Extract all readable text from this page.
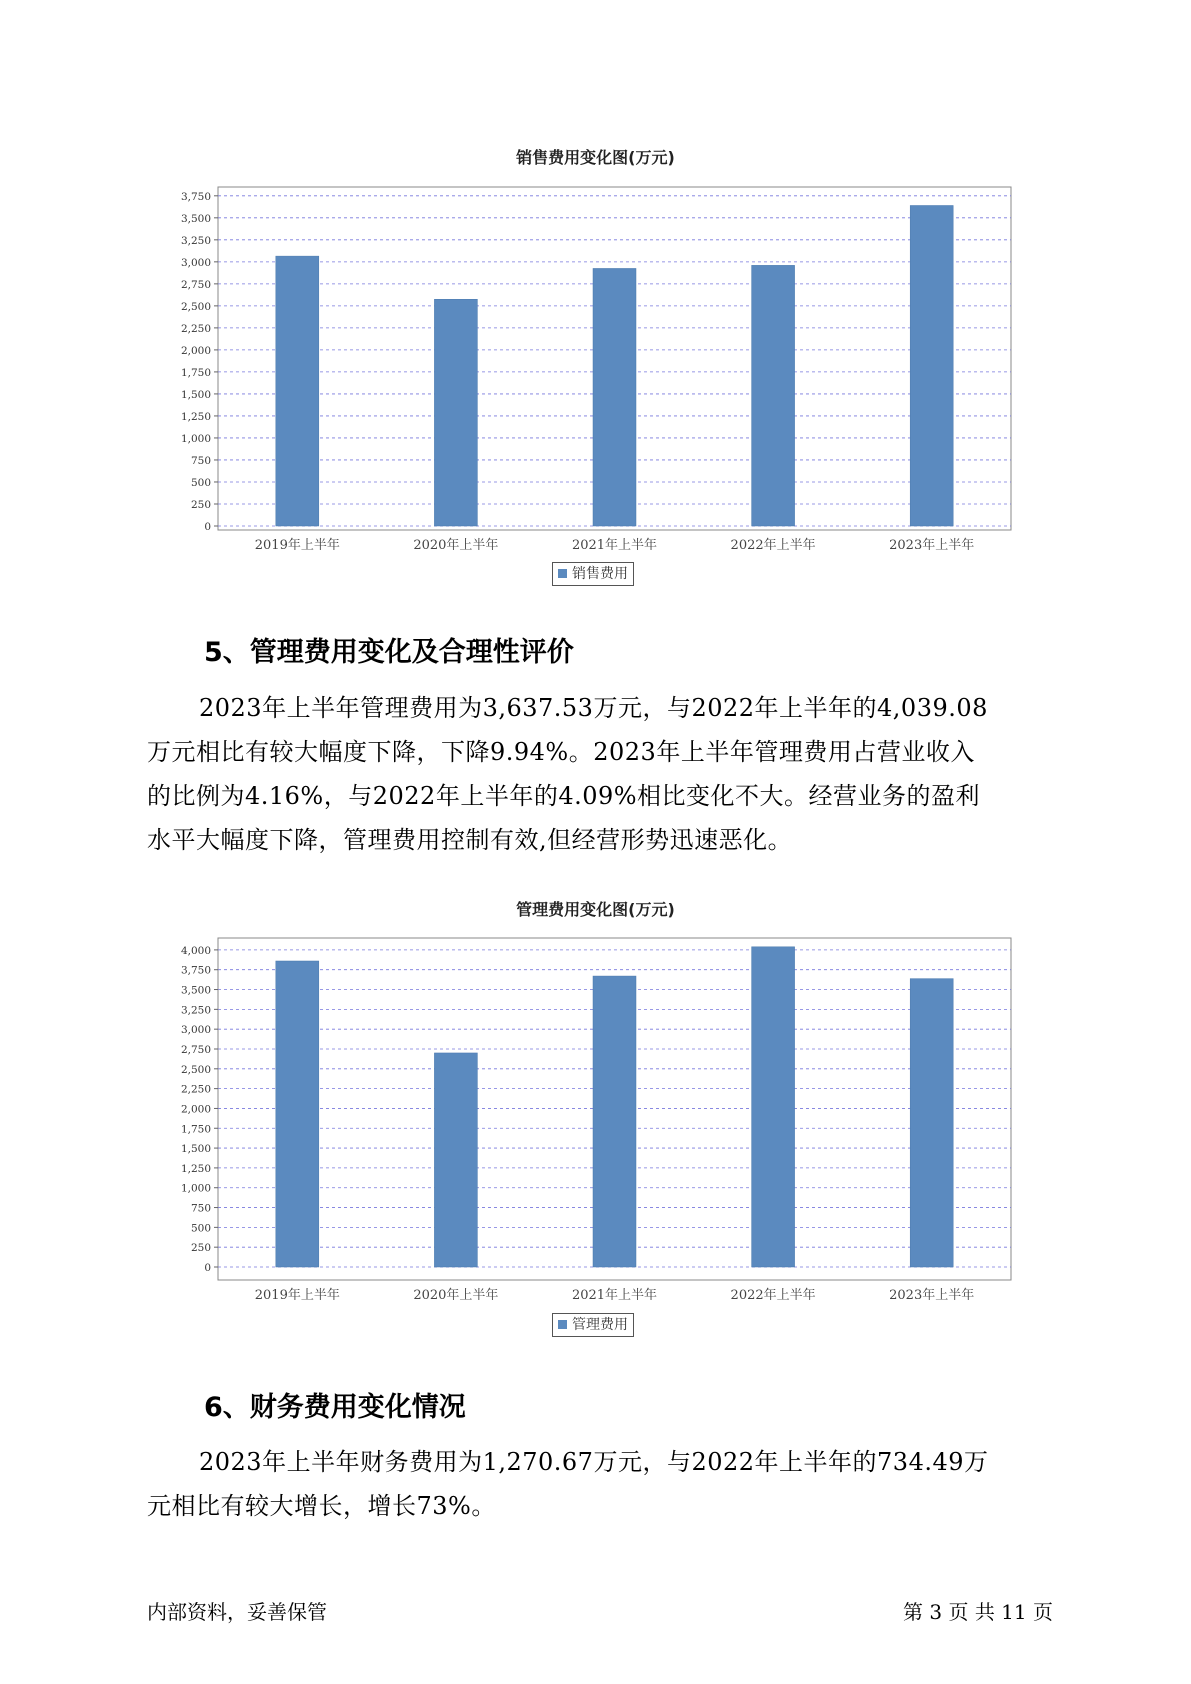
销售费用变化图(万元)
0
250
500
750
1,000
1,250
1,500
1,750
2,000
2,250
2,500
2,750
3,000
3,250
3,500
3,750
2019年上半年	2020年上半年	2021年上半年	2022年上半年	2023年上半年
销售费用
5、管理费用变化及合理性评价
2023年上半年管理费用为3,637.53万元，与2022年上半年的4,039.08
万元相比有较大幅度下降，下降9.94%。2023年上半年管理费用占营业收入
的比例为4.16%，与2022年上半年的4.09%相比变化不大。经营业务的盈利
水平大幅度下降，管理费用控制有效,但经营形势迅速恶化。
管理费用变化图(万元)
0
250
500
750
1,000
1,250
1,500
1,750
2,000
2,250
2,500
2,750
3,000
3,250
3,500
3,750
4,000
2019年上半年	2020年上半年	2021年上半年	2022年上半年	2023年上半年
管理费用
6、财务费用变化情况
2023年上半年财务费用为1,270.67万元，与2022年上半年的734.49万
元相比有较大增长，增长73%。
内部资料，妥善保管	第 3 页 共 11 页
